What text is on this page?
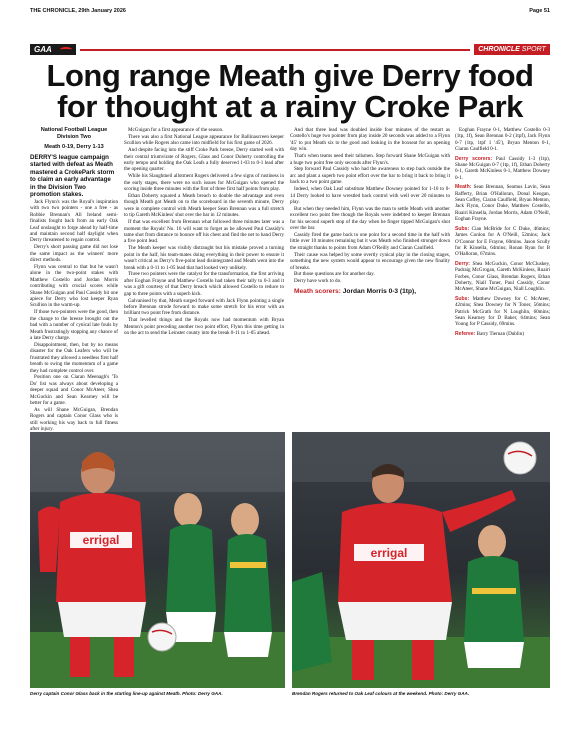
THE CHRONICLE, 29th January 2026	Page 51
GAA	CHRONICLE SPORT
Long range Meath give Derry food for thought at a rainy Croke Park
National Football League Division Two
Meath 0-19, Derry 1-13

DERRY'S league campaign started with defeat as Meath mastered a CrokePark storm to claim an early advantage in the Division Two promotion stakes.

Jack Flynn's was the Royal's inspiration with two two pointers - one a free - as Robbie Brennan's All Ireland semi-finalists fought back from an early Oak Leaf onslaught to forge ahead by half-time and maintain second half daylight when Derry threatened to regain control.

Derry's short passing game did not lose the same impact as the winners' more direct methods.

Flynn was central to that but he wasn't alone in the two-point stakes with Matthew Costello and Jordan Morris contributing with crucial scores while Shane McGuigan and Paul Cassidy hit one apiece for Derry who lost keeper Ryan Scullion in the warm-up.

If those two-pointers were the good, then the change to the breeze brought out the bad with a number of cynical late fouls by Meath frustratingly stopping any chance of a late Derry charge.

Disappointment, then, but by no means disaster for the Oak Leafers who will be frustrated they allowed a needless first half breath to swing the momentum of a game they had complete control over.

Position one on Ciaran Meenagh's 'To Do' list was always about developing a deeper squad and Conor McAteer, Shea McGuckin and Sean Kearney will be better for a game.

As will Shane McGuigan, Brendan Rogers and captain Conor Glass who is still working his way back to full fitness after injury.

McGuigan for a first appearance of the season.

There was also a first National League appearance for Ballinascreen keeper Scullion while Rogers also came into midfield for his first game of 2026.

And despite facing into the stiff Croke Park breeze, Derry started well with their central triumvirate of Rogers, Glass and Conor Doherty controlling the early tempo and holding the Oak Leafs a fully deserved 1-03 to 0-1 lead after the opening quarter.

While his Slaughtneil allotment Rogers delivered a few signs of rustiness in the early stages, there were no such issues for McGuigan who opened the scoring inside three minutes with the first of three first half points from play.

Ethan Doherty squared a Meath breach to double the advantage and even though Meath got Meath on to the scoreboard in the seventh minute, Derry were in complete control with Meath keeper Sean Brennan was a full stretch to tip Gareth McKinless' shot over the bar in 12 minutes.

If that was excellent from Brennan what followed three minutes later was a moment the Royals' No. 16 will want to forget as he allowed Paul Cassidy's tame shot from distance to bounce off his chest and find the net to hand Derry a five point lead.

The Meath keeper was visibly distraught but his mistake proved a turning point in the half, his team-mates doing everything in their power to ensure it wasn't critical as Derry's five-point lead disintegrated and Meath went into the break with a 0-11 to 1-05 lead that had looked very unlikely.

Three two pointers were the catalyst for the transformation, the first arriving after Eoghan Frayne and Matthew Costello had taken their tally to 0-3 and it was a gift courtesy of that Derry breach which allowed Costello to reduce to gap to three points with a superb kick.

Galvanised by that, Meath surged forward with Jack Flynn pointing a single before Brennan strode forward to make some stretch for his error with an brilliant two point free from distance.

That levelled things and the Royals now had momentum with Bryan Menton's point preceding another two point effort, Flynn this time getting in on the act to send the Leinster county into the break 0-11 to 1-05 ahead.

And that three lead was doubled inside four minutes of the restart as Costello's huge two pointer from play inside 20 seconds was added to a Flynn '45' to put Meath six to the good and looking in the boxseat for an opening day win.

That's when teams need their talismen. Step forward Shane McGuigan with a huge two point free only seconds after Flynn's.

Step forward Paul Cassidy who had the awareness to step back outside the arc and plant a superb two point effort over the bar to bring it back to bring it back to a two point game.

Indeed, when Oak Leaf substitute Matthew Downey pointed for 1-10 to 0-14 Derry looked to have wrestled back control with well over 20 minutes to play.

But when they needed him, Flynn was the man to settle Meath with another excellent two point free though the Royals were indebted to keeper Brennan for his second superb stop of the day when he finger tipped McGuigan's shot over the bar.

Cassidy fired the game back to one point for a second time in the half with little over 10 minutes remaining but it was Meath who finished stronger down the straight thanks to points from Adam O'Reilly and Ciaran Caulfield.

Their cause was helped by some overtly cynical play in the closing stages, something the new system would appear to encourage given the new finality of breaks.

But those questions are for another day.

Derry have work to do.

Meath scorers: Jordan Morris 0-3 (1tp),

Eoghan Frayne 0-1, Matthew Costello 0-3 (1tp, 1f), Sean Brennan 0-2 (1tpf), Jack Flynn 0-7 (1tp, 1tpf 1 '45'), Bryan Menton 0-1, Ciaran Caulfield 0-1.

Derry scorers: Paul Cassidy 1-3 (1tp), Shane McGuigan 0-7 (1tp, 1f), Ethan Doherty 0-1, Gareth McKinless 0-1, Matthew Downey 0-1.

Meath: Sean Brennan, Seamus Lavin, Sean Rafferty, Brian O'Halloran, Donal Keogan, Sean Coffey, Ciaran Caulfield, Bryan Menton, Jack Flynn, Conor Duke, Matthew Costello, Ruairi Kinsella, Jordan Morris, Adam O'Neill, Eoghan Frayne.

Subs: Cian McBride for C Duke, 46mins; James Conlon for A O'Neill, 52mins; Jack O'Connor for E Frayne, 60mins. Jason Scully for R Kinsella, 64mins; Ronan Ryan for B O'Halloran, 67mins.

Derry: Shea McGuckin, Conor McCluskey, Padraig McGrogan, Gareth McKinless, Ruairi Forbes, Conor Glass, Brendan Rogers, Ethan Doherty, Niall Toner, Paul Cassidy, Conor McAteer, Shane McGuigan, Niall Loughlin.

Subs: Matthew Downey for C McAteer, 42mins; Shea Downey for N Toner, 56mins; Patrick McGrath for N Loughlin, 60mins; Sean Kearney for D Baker, 64mins; Sean Young for P Cassidy, 69mins.

Referee: Barry Tiernan (Dublin)

errigal
errigal
Derry captain Conor Glass back in the starting line-up against Meath. Photo: Derry GAA.	Brendan Rogers returned to Oak Leaf colours at the weekend. Photo: Derry GAA.
